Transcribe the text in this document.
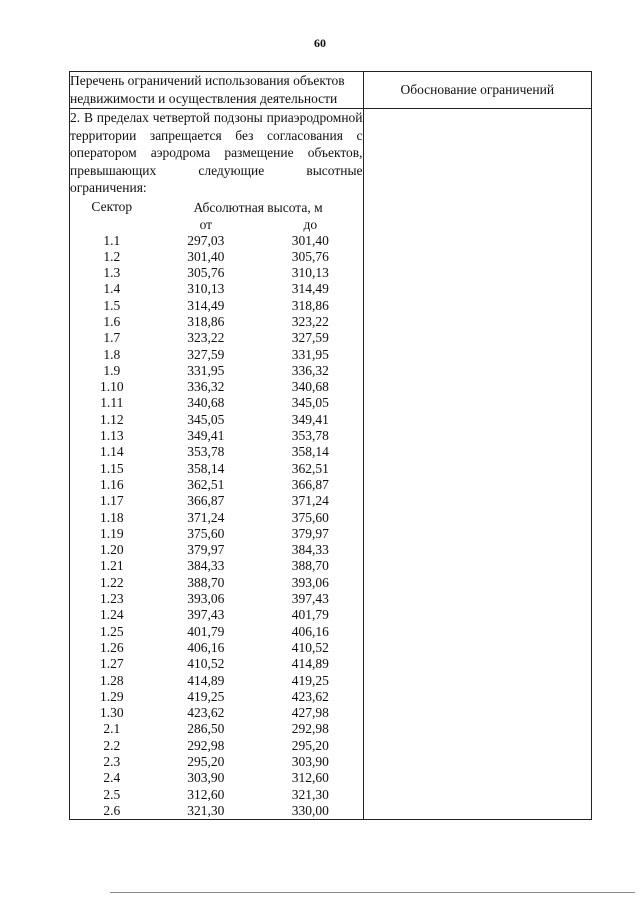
60
Перечень ограничений использования объектов недвижимости и осуществления деятельности	Обоснование ограничений

2. В пределах четвертой подзоны приаэродромной территории запрещается без согласования с оператором аэродрома размещение объектов, превышающих следующие высотные ограничения:

Сектор	Абсолютная высота, м
от	до
1.1	297,03	301,40
1.2	301,40	305,76
1.3	305,76	310,13
1.4	310,13	314,49
1.5	314,49	318,86
1.6	318,86	323,22
1.7	323,22	327,59
1.8	327,59	331,95
1.9	331,95	336,32
1.10	336,32	340,68
1.11	340,68	345,05
1.12	345,05	349,41
1.13	349,41	353,78
1.14	353,78	358,14
1.15	358,14	362,51
1.16	362,51	366,87
1.17	366,87	371,24
1.18	371,24	375,60
1.19	375,60	379,97
1.20	379,97	384,33
1.21	384,33	388,70
1.22	388,70	393,06
1.23	393,06	397,43
1.24	397,43	401,79
1.25	401,79	406,16
1.26	406,16	410,52
1.27	410,52	414,89
1.28	414,89	419,25
1.29	419,25	423,62
1.30	423,62	427,98
2.1	286,50	292,98
2.2	292,98	295,20
2.3	295,20	303,90
2.4	303,90	312,60
2.5	312,60	321,30
2.6	321,30	330,00
